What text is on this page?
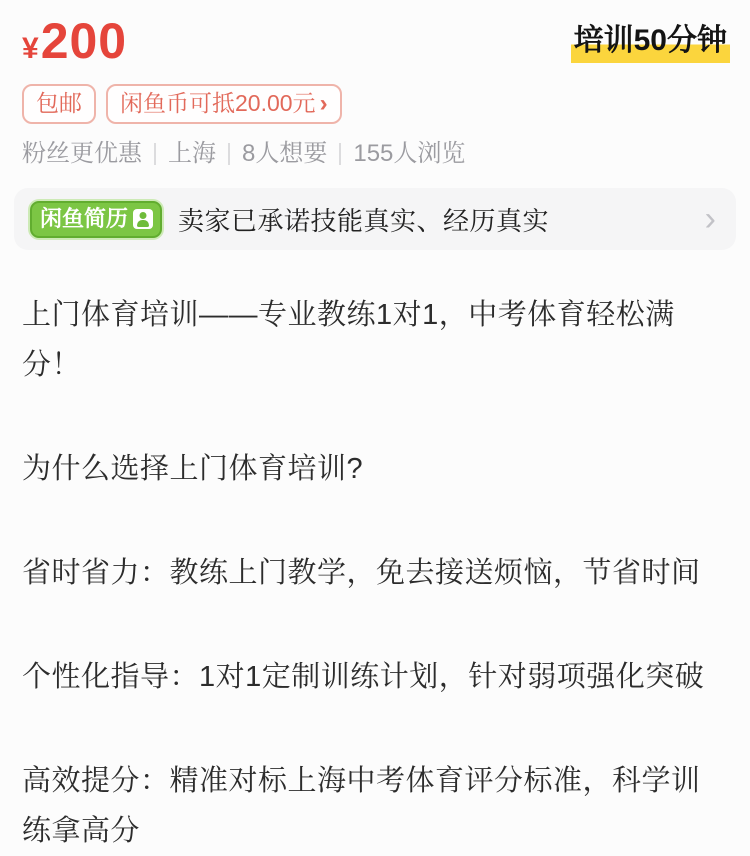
¥ 200	培训50分钟
包邮 闲鱼币可抵20.00元 ›
粉丝更优惠 上海 8人想要 155人浏览
闲鱼简历 卖家已承诺技能真实、经历真实	›

上门体育培训——专业教练1对1，中考体育轻松满分！

为什么选择上门体育培训?

省时省力：教练上门教学，免去接送烦恼，节省时间

个性化指导：1对1定制训练计划，针对弱项强化突破

高效提分：精准对标上海中考体育评分标准，科学训练拿高分
